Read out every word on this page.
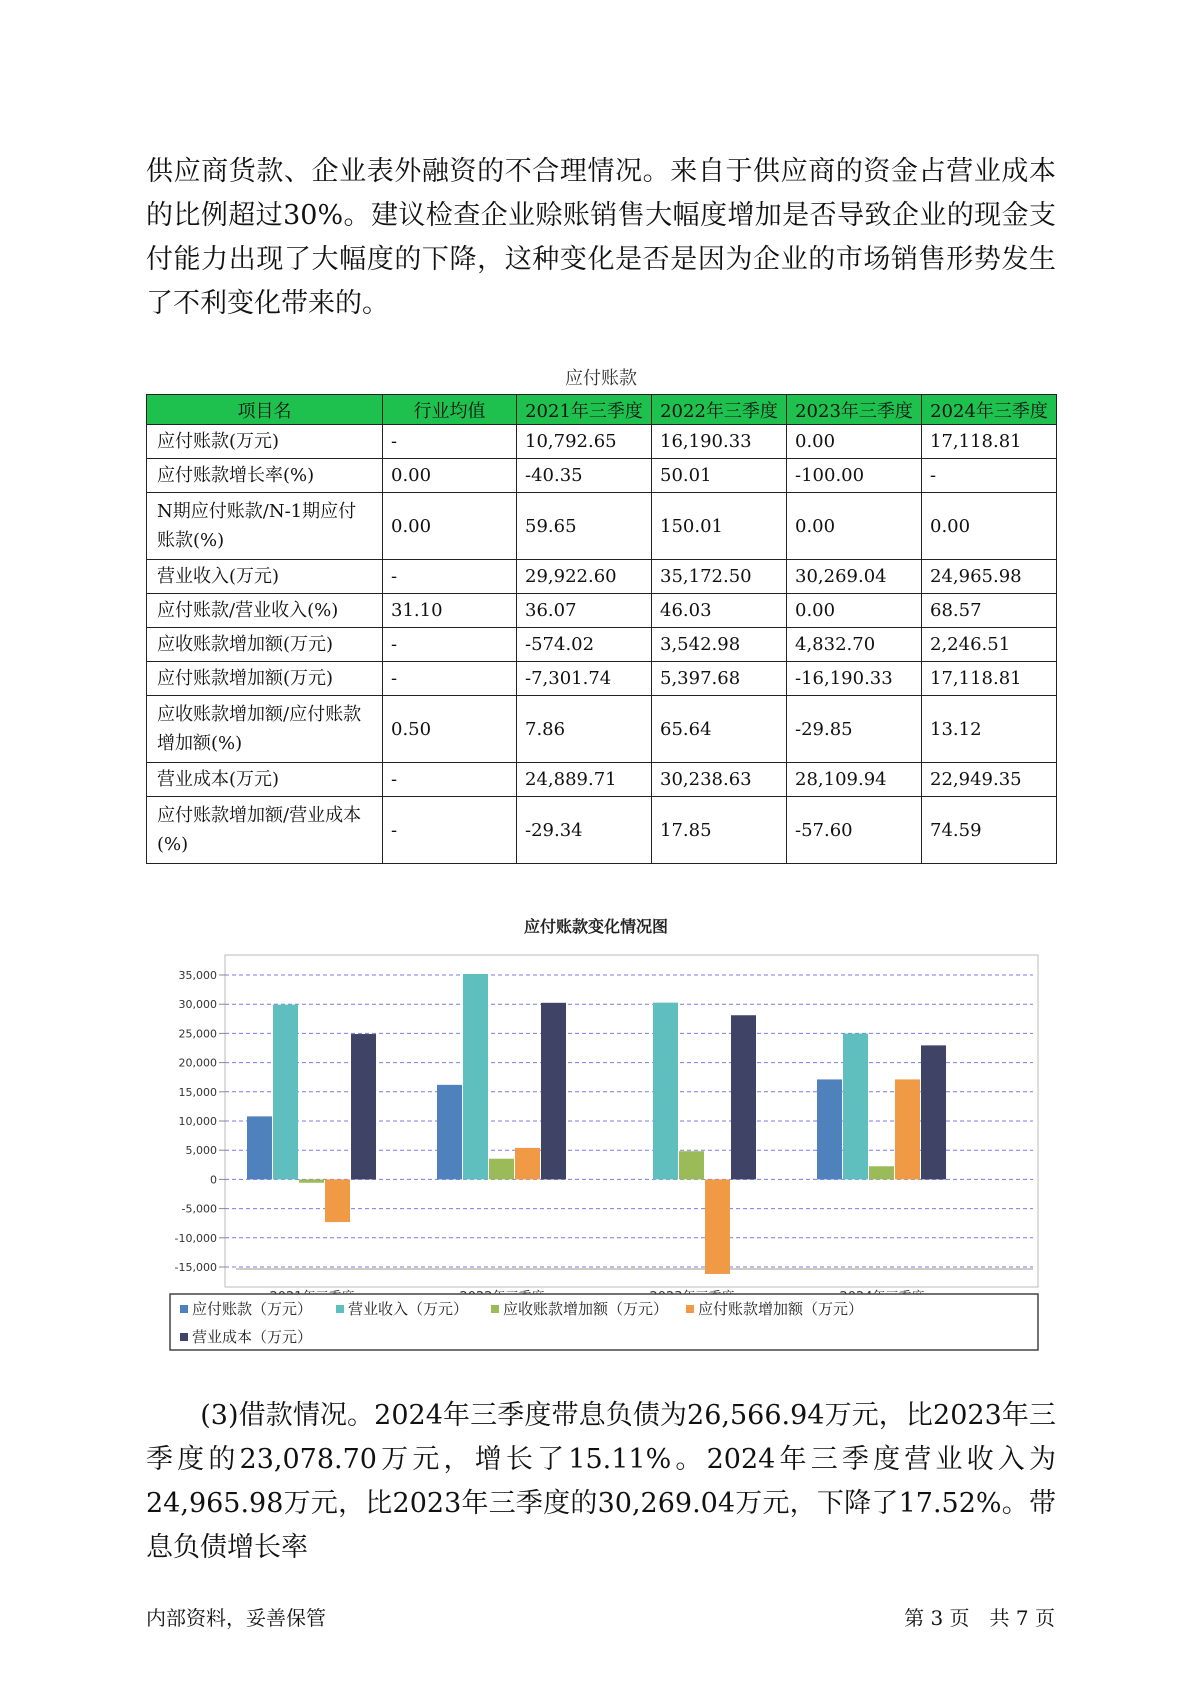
供应商货款、企业表外融资的不合理情况。来自于供应商的资金占营业成本的比例超过30%。建议检查企业赊账销售大幅度增加是否导致企业的现金支付能力出现了大幅度的下降，这种变化是否是因为企业的市场销售形势发生了不利变化带来的。

应付账款
项目名	行业均值	2021年三季度	2022年三季度	2023年三季度	2024年三季度
应付账款(万元)	-	10,792.65	16,190.33	0.00	17,118.81
应付账款增长率(%)	0.00	-40.35	50.01	-100.00	-
N期应付账款/N-1期应付账款(%)	0.00	59.65	150.01	0.00	0.00
营业收入(万元)	-	29,922.60	35,172.50	30,269.04	24,965.98
应付账款/营业收入(%)	31.10	36.07	46.03	0.00	68.57
应收账款增加额(万元)	-	-574.02	3,542.98	4,832.70	2,246.51
应付账款增加额(万元)	-	-7,301.74	5,397.68	-16,190.33	17,118.81
应收账款增加额/应付账款增加额(%)	0.50	7.86	65.64	-29.85	13.12
营业成本(万元)	-	24,889.71	30,238.63	28,109.94	22,949.35
应付账款增加额/营业成本(%)	-	-29.34	17.85	-57.60	74.59
应付账款变化情况图
35,000
30,000
25,000
20,000
15,000
10,000
5,000
0
-5,000
-10,000
-15,000
应付账款（万元） 营业收入（万元） 应收账款增加额（万元） 应付账款增加额（万元）
营业成本（万元）

　　(3)借款情况。2024年三季度带息负债为26,566.94万元，比2023年三季度的23,078.70万元，增长了15.11%。2024年三季度营业收入为24,965.98万元，比2023年三季度的30,269.04万元，下降了17.52%。带息负债增长率

内部资料，妥善保管	第 3 页　共 7 页
